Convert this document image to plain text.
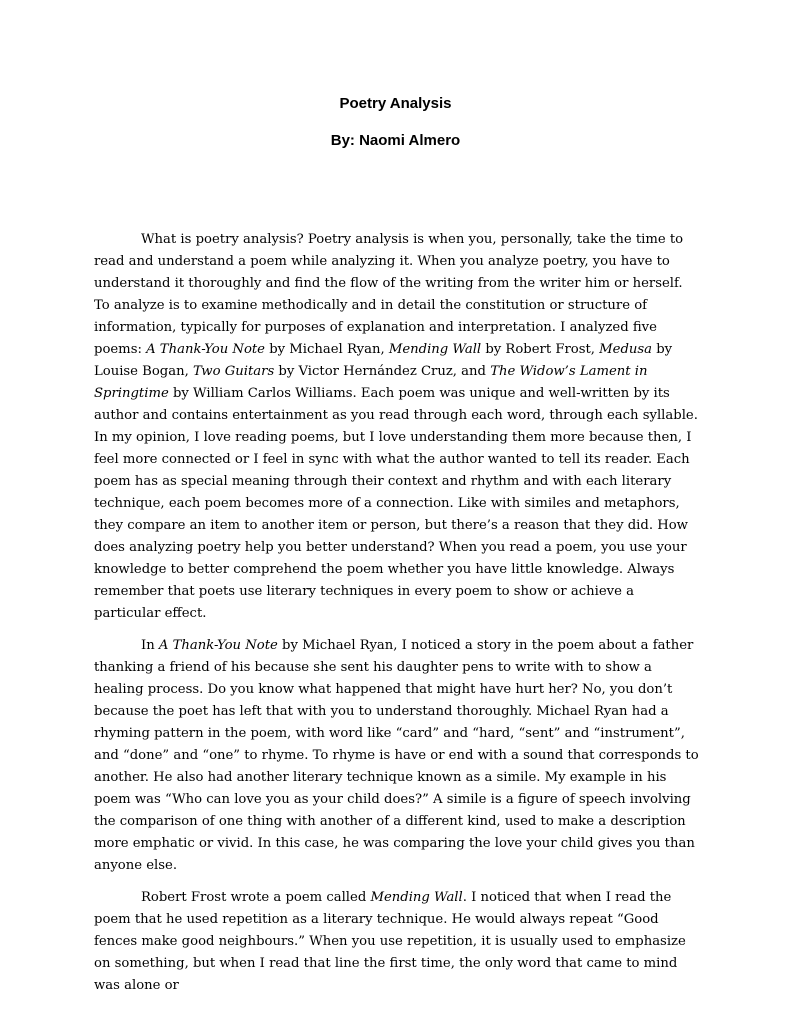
Poetry Analysis
By: Naomi Almero

What is poetry analysis? Poetry analysis is when you, personally, take the time to read and understand a poem while analyzing it. When you analyze poetry, you have to understand it thoroughly and find the flow of the writing from the writer him or herself. To analyze is to examine methodically and in detail the constitution or structure of information, typically for purposes of explanation and interpretation. I analyzed five poems: A Thank-You Note by Michael Ryan, Mending Wall by Robert Frost, Medusa by Louise Bogan, Two Guitars by Victor Hernández Cruz, and The Widow’s Lament in Springtime by William Carlos Williams. Each poem was unique and well-written by its author and contains entertainment as you read through each word, through each syllable. In my opinion, I love reading poems, but I love understanding them more because then, I feel more connected or I feel in sync with what the author wanted to tell its reader. Each poem has as special meaning through their context and rhythm and with each literary technique, each poem becomes more of a connection. Like with similes and metaphors, they compare an item to another item or person, but there’s a reason that they did. How does analyzing poetry help you better understand? When you read a poem, you use your knowledge to better comprehend the poem whether you have little knowledge. Always remember that poets use literary techniques in every poem to show or achieve a particular effect.

In A Thank-You Note by Michael Ryan, I noticed a story in the poem about a father thanking a friend of his because she sent his daughter pens to write with to show a healing process. Do you know what happened that might have hurt her? No, you don’t because the poet has left that with you to understand thoroughly. Michael Ryan had a rhyming pattern in the poem, with word like “card” and “hard, “sent” and “instrument”, and “done” and “one” to rhyme. To rhyme is have or end with a sound that corresponds to another. He also had another literary technique known as a simile. My example in his poem was “Who can love you as your child does?” A simile is a figure of speech involving the comparison of one thing with another of a different kind, used to make a description more emphatic or vivid. In this case, he was comparing the love your child gives you than anyone else.

Robert Frost wrote a poem called Mending Wall. I noticed that when I read the poem that he used repetition as a literary technique. He would always repeat “Good fences make good neighbours.” When you use repetition, it is usually used to emphasize on something, but when I read that line the first time, the only word that came to mind was alone or
